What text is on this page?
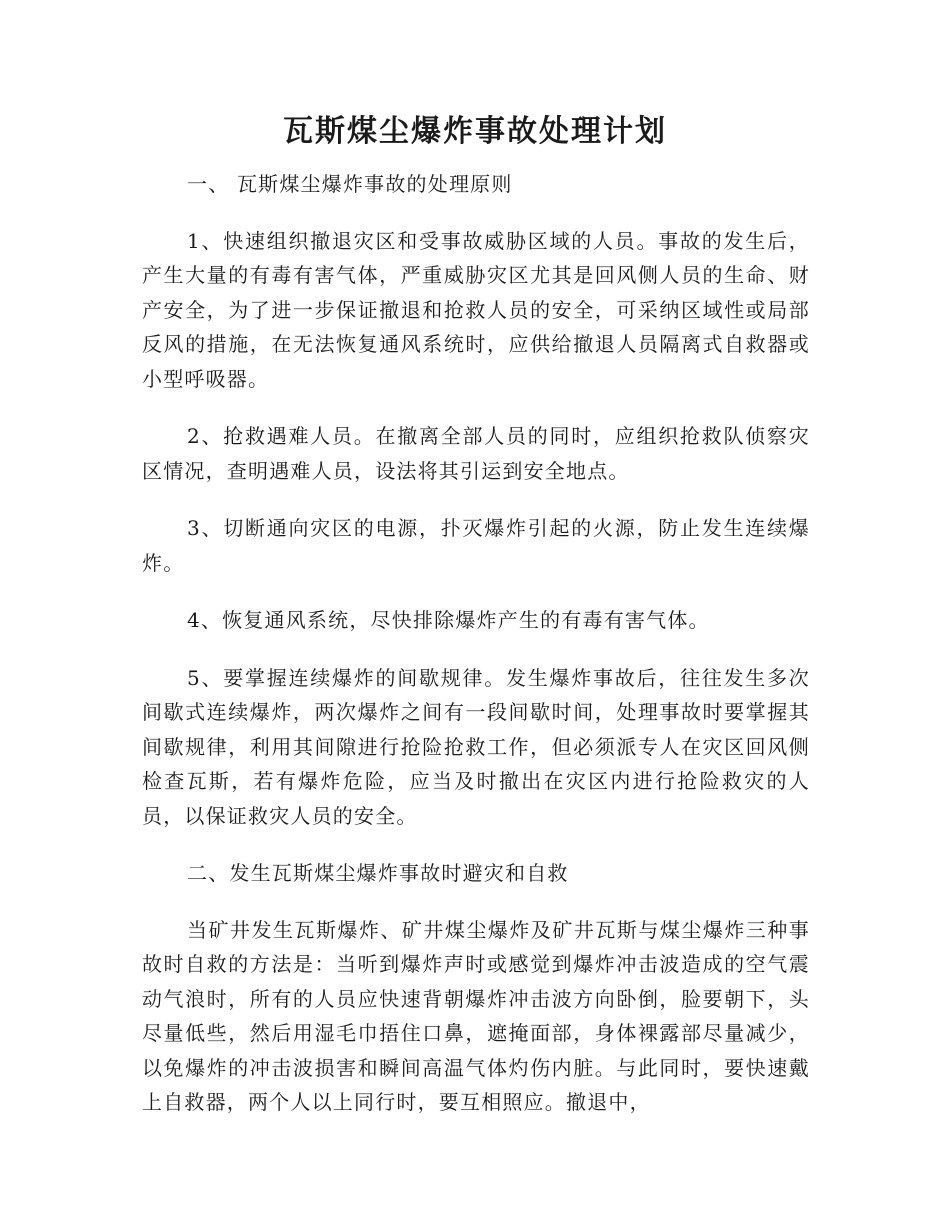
瓦斯煤尘爆炸事故处理计划

一、 瓦斯煤尘爆炸事故的处理原则

1、快速组织撤退灾区和受事故威胁区域的人员。事故的发生后，产生大量的有毒有害气体，严重威胁灾区尤其是回风侧人员的生命、财产安全，为了进一步保证撤退和抢救人员的安全，可采纳区域性或局部反风的措施，在无法恢复通风系统时，应供给撤退人员隔离式自救器或小型呼吸器。

2、抢救遇难人员。在撤离全部人员的同时，应组织抢救队侦察灾区情况，查明遇难人员，设法将其引运到安全地点。

3、切断通向灾区的电源，扑灭爆炸引起的火源，防止发生连续爆炸。

4、恢复通风系统，尽快排除爆炸产生的有毒有害气体。

5、要掌握连续爆炸的间歇规律。发生爆炸事故后，往往发生多次间歇式连续爆炸，两次爆炸之间有一段间歇时间，处理事故时要掌握其间歇规律，利用其间隙进行抢险抢救工作，但必须派专人在灾区回风侧检查瓦斯，若有爆炸危险，应当及时撤出在灾区内进行抢险救灾的人员，以保证救灾人员的安全。

二、发生瓦斯煤尘爆炸事故时避灾和自救

当矿井发生瓦斯爆炸、矿井煤尘爆炸及矿井瓦斯与煤尘爆炸三种事故时自救的方法是：当听到爆炸声时或感觉到爆炸冲击波造成的空气震动气浪时，所有的人员应快速背朝爆炸冲击波方向卧倒，脸要朝下，头尽量低些，然后用湿毛巾捂住口鼻，遮掩面部，身体裸露部尽量减少，以免爆炸的冲击波损害和瞬间高温气体灼伤内脏。与此同时，要快速戴上自救器，两个人以上同行时，要互相照应。撤退中，
